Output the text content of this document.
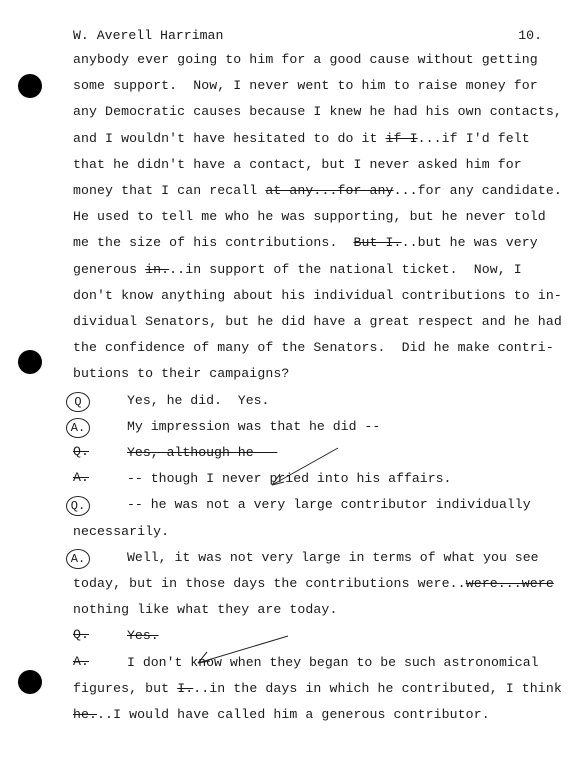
W. Averell Harriman	10.
anybody ever going to him for a good cause without getting
some support.  Now, I never went to him to raise money for
any Democratic causes because I knew he had his own contacts,
and I wouldn't have hesitated to do it if I...if I'd felt
that he didn't have a contact, but I never asked him for
money that I can recall at any...for any...for any candidate.
He used to tell me who he was supporting, but he never told
me the size of his contributions.  But I...but he was very
generous in...in support of the national ticket.  Now, I
don't know anything about his individual contributions to in-
dividual Senators, but he did have a great respect and he had
the confidence of many of the Senators.  Did he make contri-
butions to their campaigns?
Q	Yes, he did.  Yes.
A.	My impression was that he did --
Q.	Yes, although he --
A.	-- though I never pried into his affairs.
Q.	-- he was not a very large contributor individually
necessarily.
A.	Well, it was not very large in terms of what you see
today, but in those days the contributions were..were...were
nothing like what they are today.
Q.	Yes.
A.	I don't know when they began to be such astronomical
figures, but I...in the days in which he contributed, I think
he...I would have called him a generous contributor.
